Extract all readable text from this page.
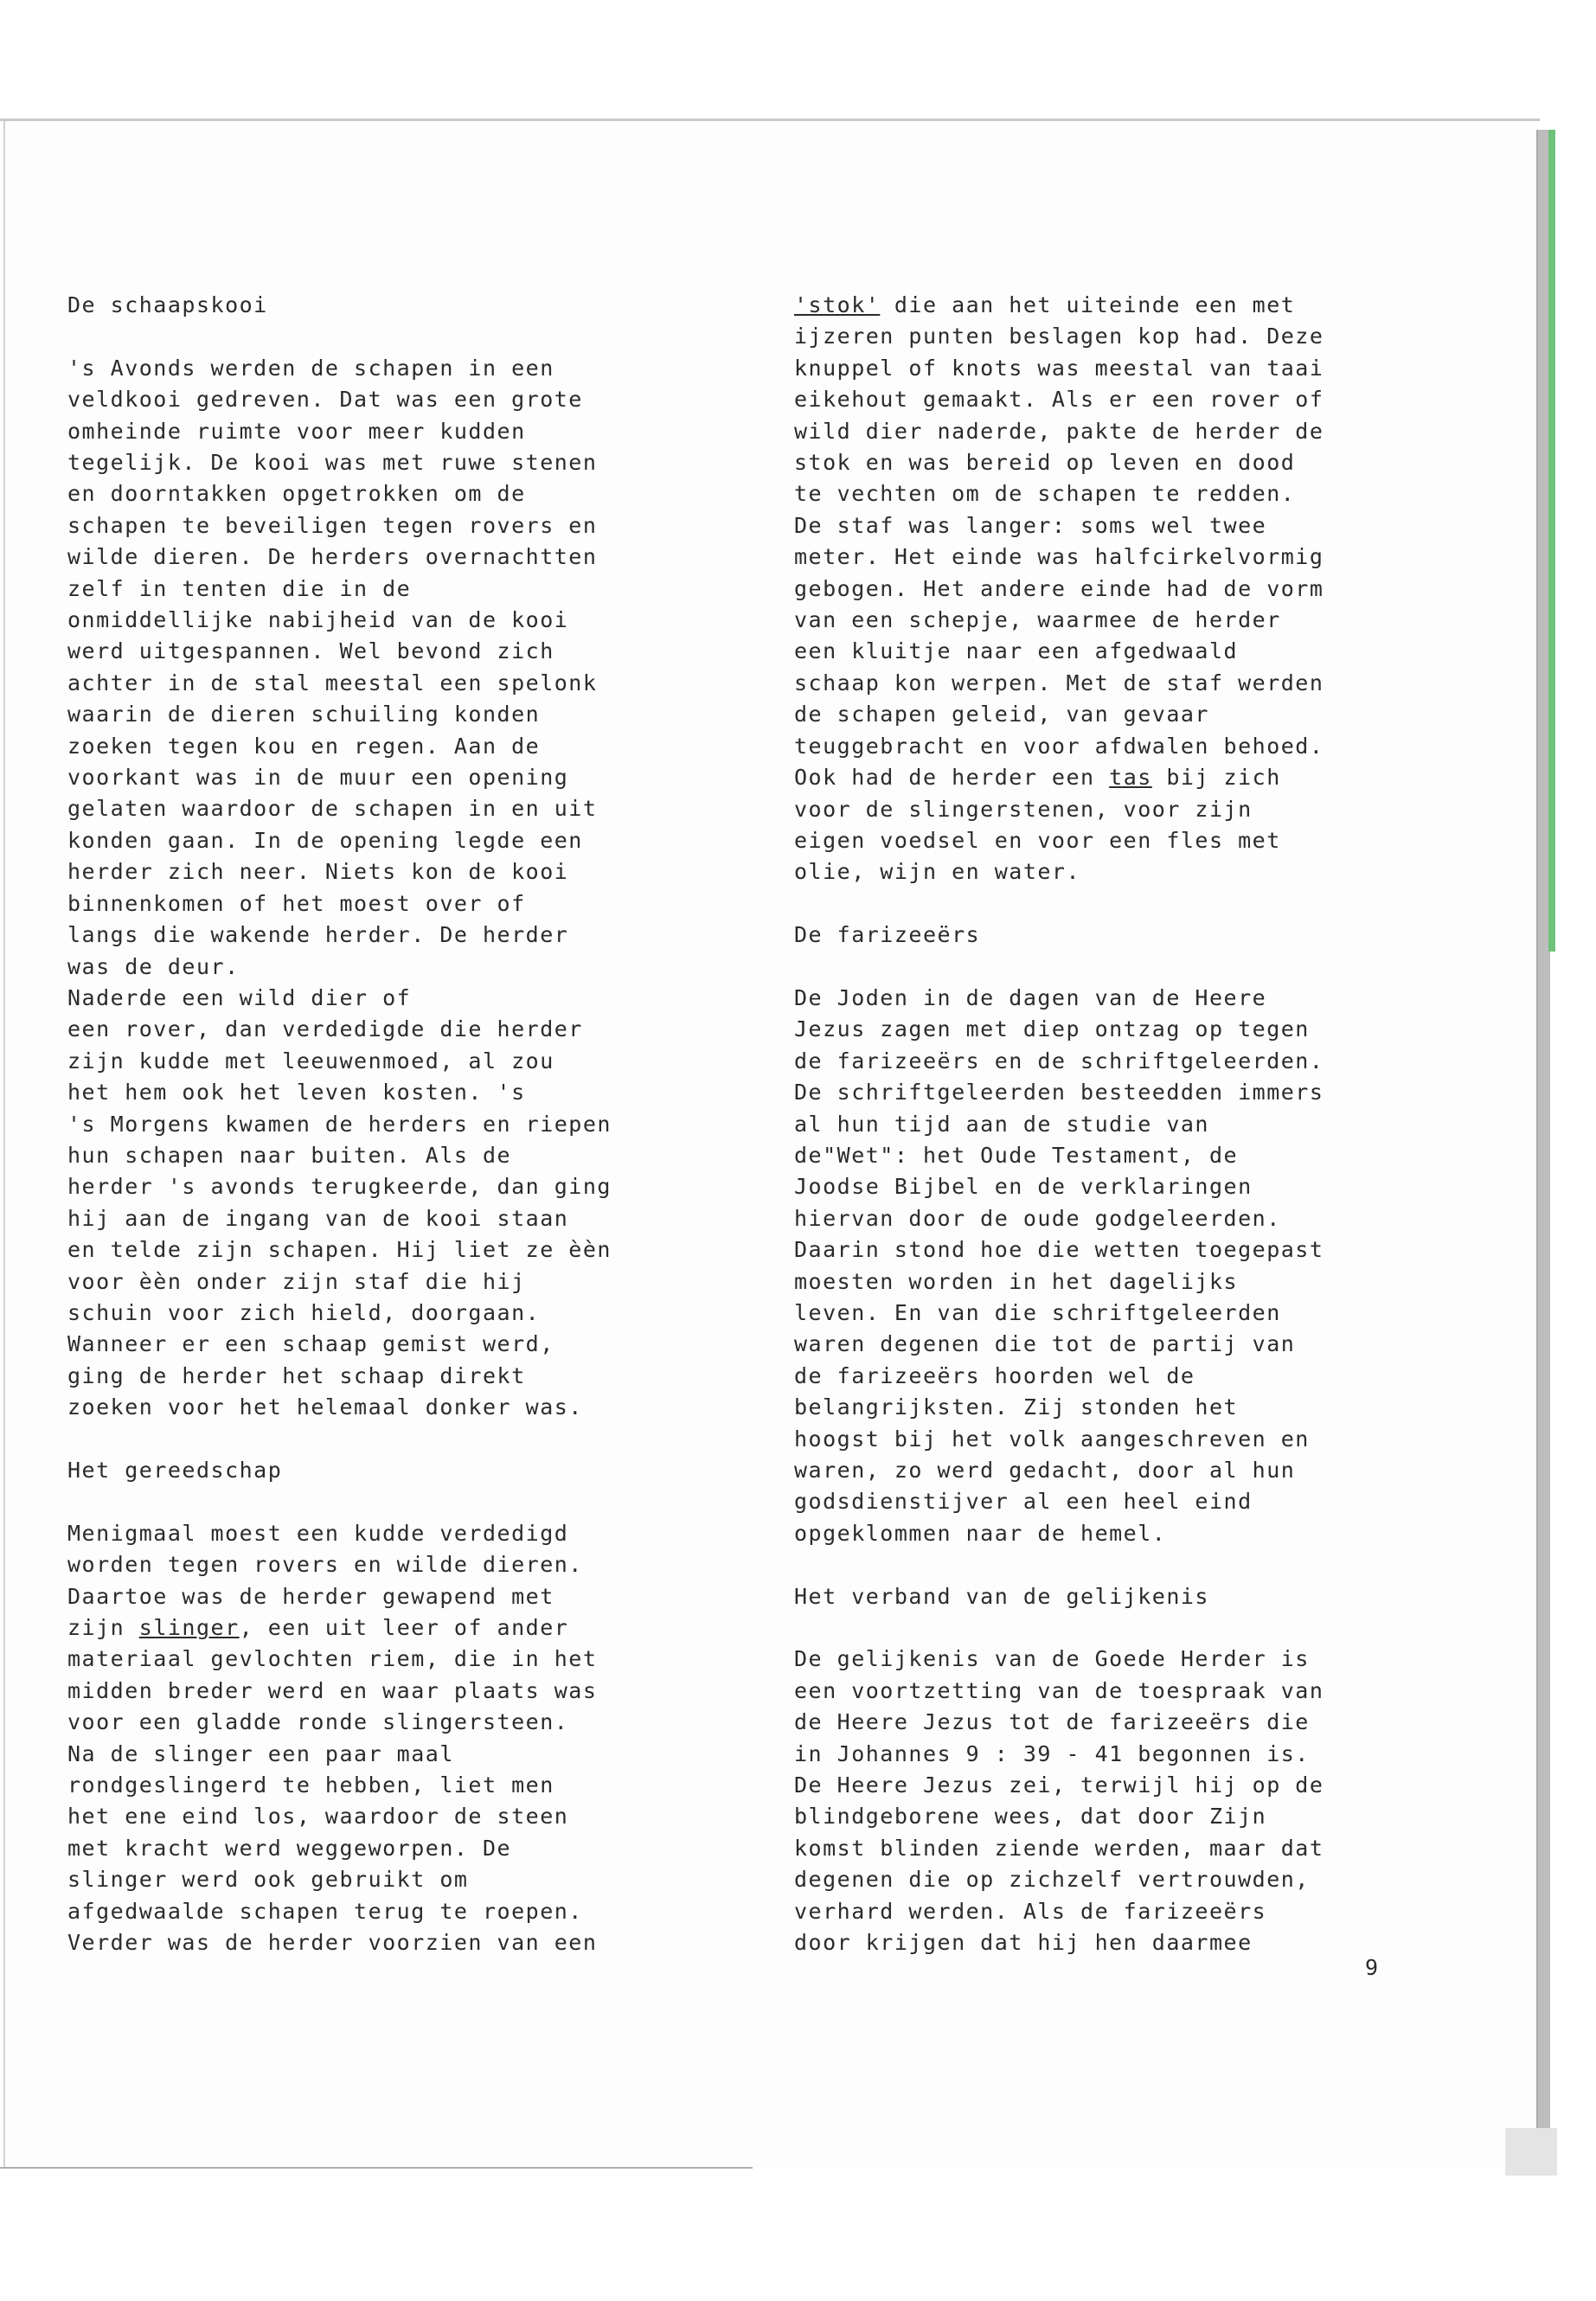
De schaapskooi

's Avonds werden de schapen in een

veldkooi gedreven. Dat was een grote

omheinde ruimte voor meer kudden

tegelijk. De kooi was met ruwe stenen

en doorntakken opgetrokken om de

schapen te beveiligen tegen rovers en

wilde dieren. De herders overnachtten

zelf in tenten die in de

onmiddellijke nabijheid van de kooi

werd uitgespannen. Wel bevond zich

achter in de stal meestal een spelonk

waarin de dieren schuiling konden

zoeken tegen kou en regen. Aan de

voorkant was in de muur een opening

gelaten waardoor de schapen in en uit

konden gaan. In de opening legde een

herder zich neer. Niets kon de kooi

binnenkomen of het moest over of

langs die wakende herder. De herder

was de deur.

Naderde een wild dier of

een rover, dan verdedigde die herder

zijn kudde met leeuwenmoed, al zou

het hem ook het leven kosten. 's

's Morgens kwamen de herders en riepen

hun schapen naar buiten. Als de

herder 's avonds terugkeerde, dan ging

hij aan de ingang van de kooi staan

en telde zijn schapen. Hij liet ze èèn

voor èèn onder zijn staf die hij

schuin voor zich hield, doorgaan.

Wanneer er een schaap gemist werd,

ging de herder het schaap direkt

zoeken voor het helemaal donker was.

Het gereedschap

Menigmaal moest een kudde verdedigd

worden tegen rovers en wilde dieren.

Daartoe was de herder gewapend met

zijn slinger, een uit leer of ander

materiaal gevlochten riem, die in het

midden breder werd en waar plaats was

voor een gladde ronde slingersteen.

Na de slinger een paar maal

rondgeslingerd te hebben, liet men

het ene eind los, waardoor de steen

met kracht werd weggeworpen. De

slinger werd ook gebruikt om

afgedwaalde schapen terug te roepen.

Verder was de herder voorzien van een

'stok' die aan het uiteinde een met

ijzeren punten beslagen kop had. Deze

knuppel of knots was meestal van taai

eikehout gemaakt. Als er een rover of

wild dier naderde, pakte de herder de

stok en was bereid op leven en dood

te vechten om de schapen te redden.

De staf was langer: soms wel twee

meter. Het einde was halfcirkelvormig

gebogen. Het andere einde had de vorm

van een schepje, waarmee de herder

een kluitje naar een afgedwaald

schaap kon werpen. Met de staf werden

de schapen geleid, van gevaar

teuggebracht en voor afdwalen behoed.

Ook had de herder een tas bij zich

voor de slingerstenen, voor zijn

eigen voedsel en voor een fles met

olie, wijn en water.

De farizeeërs

De Joden in de dagen van de Heere

Jezus zagen met diep ontzag op tegen

de farizeeërs en de schriftgeleerden.

De schriftgeleerden besteedden immers

al hun tijd aan de studie van

de"Wet": het Oude Testament, de

Joodse Bijbel en de verklaringen

hiervan door de oude godgeleerden.

Daarin stond hoe die wetten toegepast

moesten worden in het dagelijks

leven. En van die schriftgeleerden

waren degenen die tot de partij van

de farizeeërs hoorden wel de

belangrijksten. Zij stonden het

hoogst bij het volk aangeschreven en

waren, zo werd gedacht, door al hun

godsdienstijver al een heel eind

opgeklommen naar de hemel.

Het verband van de gelijkenis

De gelijkenis van de Goede Herder is

een voortzetting van de toespraak van

de Heere Jezus tot de farizeeërs die

in Johannes 9 : 39 - 41 begonnen is.

De Heere Jezus zei, terwijl hij op de

blindgeborene wees, dat door Zijn

komst blinden ziende werden, maar dat

degenen die op zichzelf vertrouwden,

verhard werden. Als de farizeeërs

door krijgen dat hij hen daarmee

9
